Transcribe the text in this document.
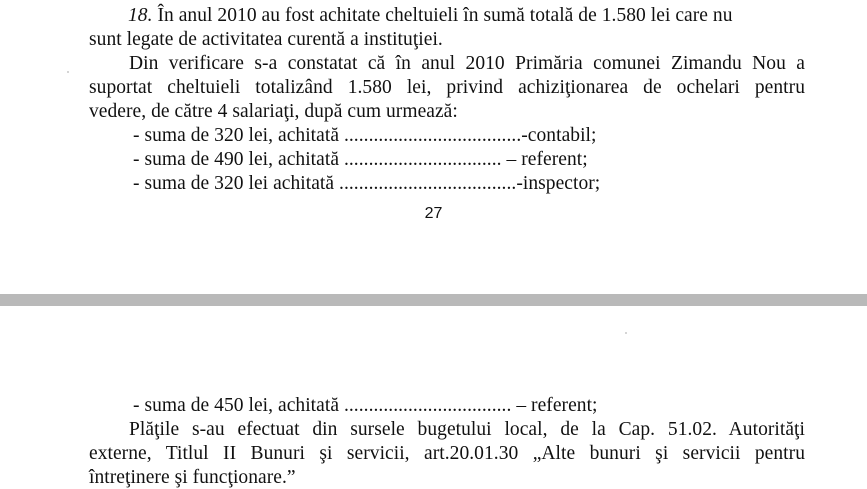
18. În anul 2010 au fost achitate cheltuieli în sumă totală de 1.580 lei care nu
sunt legate de activitatea curentă a instituţiei.
Din verificare s-a constatat că în anul 2010 Primăria comunei Zimandu Nou a
suportat cheltuieli totalizând 1.580 lei, privind achiziţionarea de ochelari pentru
vedere, de către 4 salariaţi, după cum urmează:
- suma de 320 lei, achitată ....................................-contabil;
- suma de 490 lei, achitată ................................ – referent;
- suma de 320 lei achitată ....................................-inspector;
27
- suma de 450 lei, achitată .................................. – referent;
Plăţile s-au efectuat din sursele bugetului local, de la Cap. 51.02. Autorităţi
externe, Titlul II Bunuri şi servicii, art.20.01.30 „Alte bunuri şi servicii pentru
întreţinere şi funcţionare.”
